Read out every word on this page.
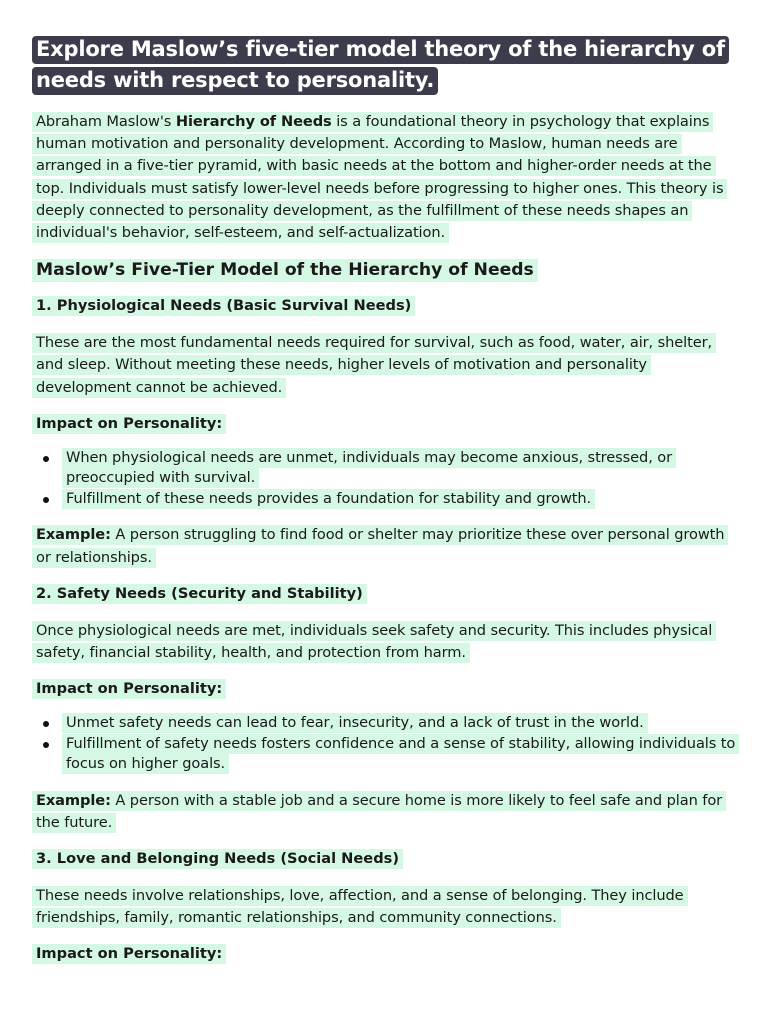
Explore Maslow’s five-tier model theory of the hierarchy of needs with respect to personality.

Abraham Maslow's Hierarchy of Needs is a foundational theory in psychology that explains human motivation and personality development. According to Maslow, human needs are arranged in a five-tier pyramid, with basic needs at the bottom and higher-order needs at the top. Individuals must satisfy lower-level needs before progressing to higher ones. This theory is deeply connected to personality development, as the fulfillment of these needs shapes an individual's behavior, self-esteem, and self-actualization.

Maslow’s Five-Tier Model of the Hierarchy of Needs
1. Physiological Needs (Basic Survival Needs)

These are the most fundamental needs required for survival, such as food, water, air, shelter, and sleep. Without meeting these needs, higher levels of motivation and personality development cannot be achieved.

Impact on Personality:
When physiological needs are unmet, individuals may become anxious, stressed, or preoccupied with survival.
Fulfillment of these needs provides a foundation for stability and growth.

Example: A person struggling to find food or shelter may prioritize these over personal growth or relationships.

2. Safety Needs (Security and Stability)

Once physiological needs are met, individuals seek safety and security. This includes physical safety, financial stability, health, and protection from harm.

Impact on Personality:
Unmet safety needs can lead to fear, insecurity, and a lack of trust in the world.
Fulfillment of safety needs fosters confidence and a sense of stability, allowing individuals to focus on higher goals.

Example: A person with a stable job and a secure home is more likely to feel safe and plan for the future.

3. Love and Belonging Needs (Social Needs)

These needs involve relationships, love, affection, and a sense of belonging. They include friendships, family, romantic relationships, and community connections.

Impact on Personality:
